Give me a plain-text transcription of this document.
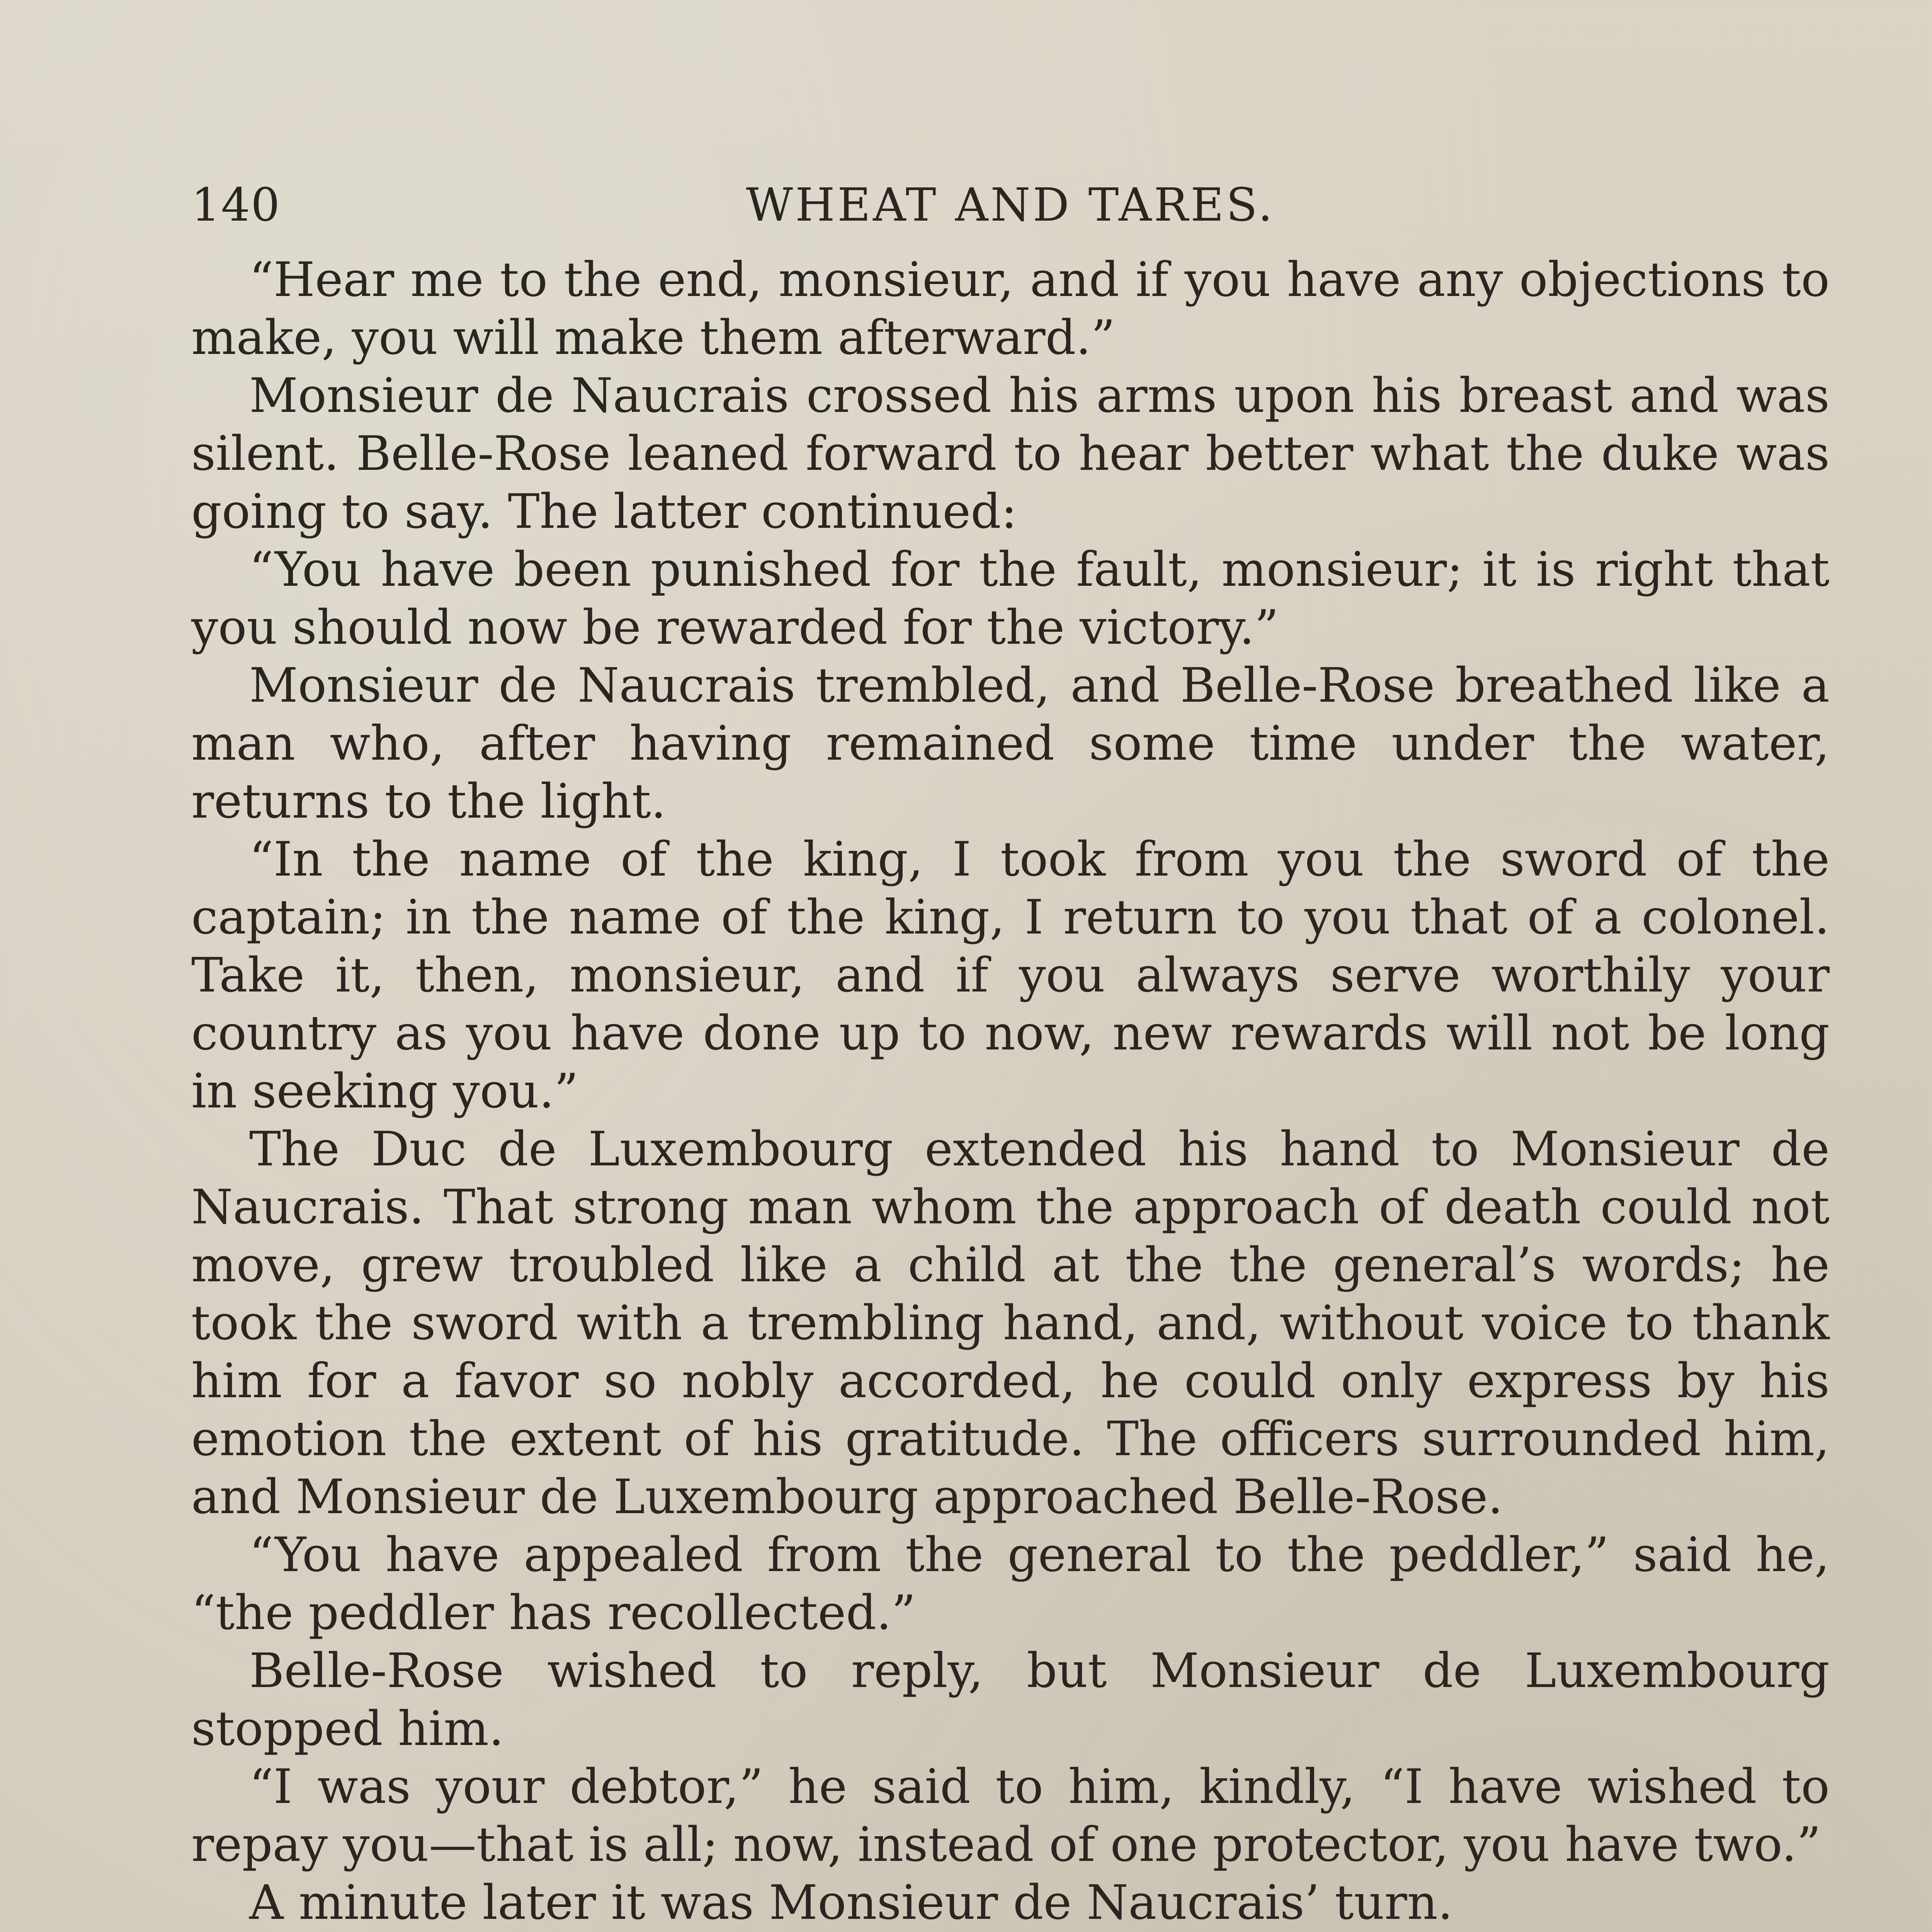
140	WHEAT AND TARES.

“Hear me to the end, monsieur, and if you have any objections to make, you will make them afterward.”

Monsieur de Naucrais crossed his arms upon his breast and was silent. Belle-Rose leaned forward to hear better what the duke was going to say. The latter continued:

“You have been punished for the fault, monsieur; it is right that you should now be rewarded for the victory.”

Monsieur de Naucrais trembled, and Belle-Rose breathed like a man who, after having remained some time under the water, returns to the light.

“In the name of the king, I took from you the sword of the captain; in the name of the king, I return to you that of a colonel. Take it, then, monsieur, and if you always serve worthily your country as you have done up to now, new rewards will not be long in seeking you.”

The Duc de Luxembourg extended his hand to Monsieur de Naucrais. That strong man whom the approach of death could not move, grew troubled like a child at the the general’s words; he took the sword with a trembling hand, and, without voice to thank him for a favor so nobly accorded, he could only express by his emotion the extent of his gratitude. The officers surrounded him, and Monsieur de Luxembourg approached Belle-Rose.

“You have appealed from the general to the peddler,” said he, “the peddler has recollected.”

Belle-Rose wished to reply, but Monsieur de Luxembourg stopped him.

“I was your debtor,” he said to him, kindly, “I have wished to repay you—that is all; now, instead of one protector, you have two.”

A minute later it was Monsieur de Naucrais’ turn.
